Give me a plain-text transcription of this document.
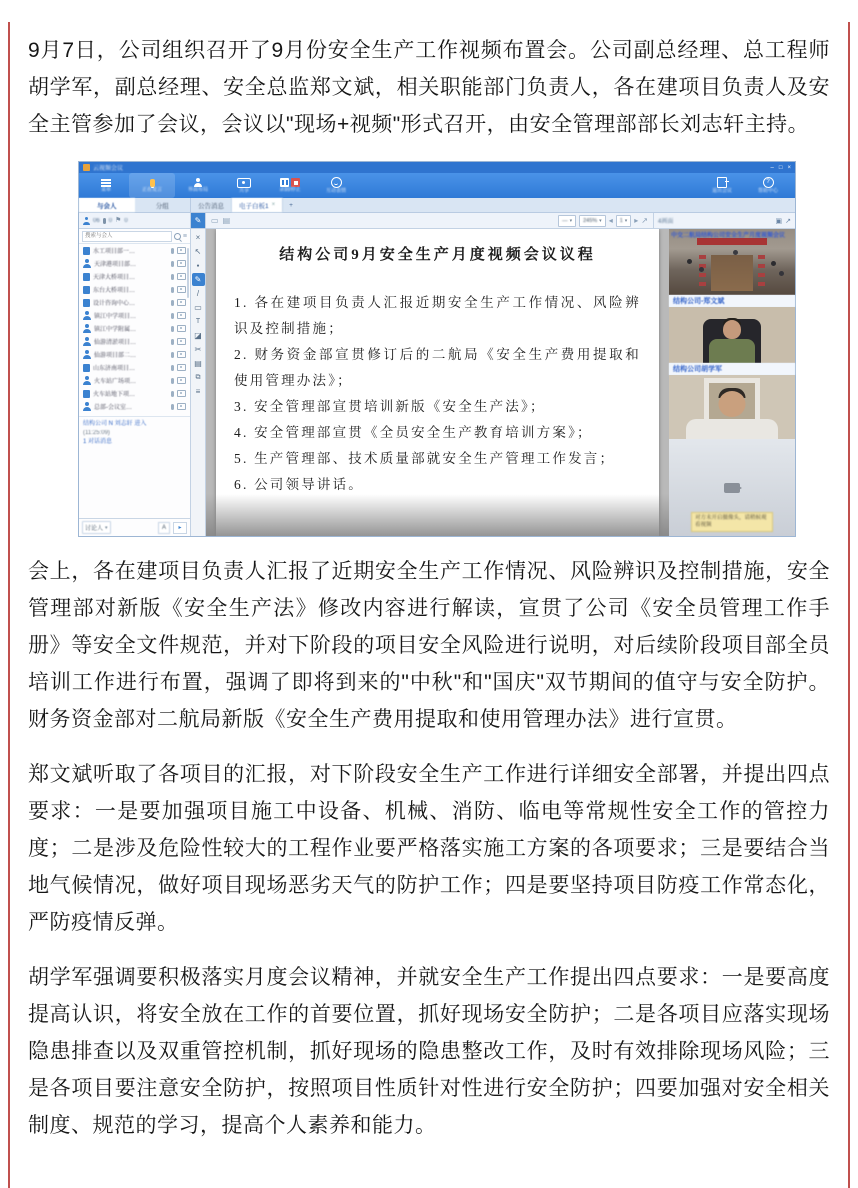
9月7日，公司组织召开了9月份安全生产工作视频布置会。公司副总经理、总工程师胡学军，副总经理、安全总监郑文斌，相关职能部门负责人，各在建项目负责人及安全主管参加了会议，会议以"现场+视频"形式召开，由安全管理部部长刘志轩主持。

云视频会议	– □ ×
菜单	正在发言	界面布局	共享	录制/停止	互动表情	退出会议
?
帮助中心
与会人	分组	公告消息 电子白板1 ×	+
06 0 ⚑ 0	✎	▭ ▤	— ▾ 245% ▾ ◂ 1 ▾ ▸ ↗ 4画面	▣ ↗
搜索与会人
≡
水工项目部一…
天津港项目部…
天津大桥项目…
东台大桥项目…
设计咨询中心…
镇江中学项目…
镇江中学附属…
仙游清淤项目…
仙游项目部二…
山东济南项目…
火车站广场项…
火车站地下项…
总部-会议室…
结构公司 N 刘志轩 进入
(11:25:09)
1 对话消息
讨论人 ▾	A	▸
×
↖
●
✎
/
▭
T
◪
✂
▤
⧉
≡
结构公司9月安全生产月度视频会议议程
1. 各在建项目负责人汇报近期安全生产工作情况、风险辨识及控制措施；
2. 财务资金部宣贯修订后的二航局《安全生产费用提取和使用管理办法》；
3. 安全管理部宣贯培训新版《安全生产法》；
4. 安全管理部宣贯《全员安全生产教育培训方案》；
5. 生产管理部、技术质量部就安全生产管理工作发言；
6. 公司领导讲话。
中交二航局结构公司安全生产月度视频会议
结构公司-郑文斌
结构公司胡学军
对方未开启摄像头，请稍候观看视频

会上，各在建项目负责人汇报了近期安全生产工作情况、风险辨识及控制措施，安全管理部对新版《安全生产法》修改内容进行解读，宣贯了公司《安全员管理工作手册》等安全文件规范，并对下阶段的项目安全风险进行说明，对后续阶段项目部全员培训工作进行布置，强调了即将到来的"中秋"和"国庆"双节期间的值守与安全防护。财务资金部对二航局新版《安全生产费用提取和使用管理办法》进行宣贯。

郑文斌听取了各项目的汇报，对下阶段安全生产工作进行详细安全部署，并提出四点要求：一是要加强项目施工中设备、机械、消防、临电等常规性安全工作的管控力度；二是涉及危险性较大的工程作业要严格落实施工方案的各项要求；三是要结合当地气候情况，做好项目现场恶劣天气的防护工作；四是要坚持项目防疫工作常态化，严防疫情反弹。

胡学军强调要积极落实月度会议精神，并就安全生产工作提出四点要求：一是要高度提高认识，将安全放在工作的首要位置，抓好现场安全防护；二是各项目应落实现场隐患排查以及双重管控机制，抓好现场的隐患整改工作，及时有效排除现场风险；三是各项目要注意安全防护，按照项目性质针对性进行安全防护；四要加强对安全相关制度、规范的学习，提高个人素养和能力。
